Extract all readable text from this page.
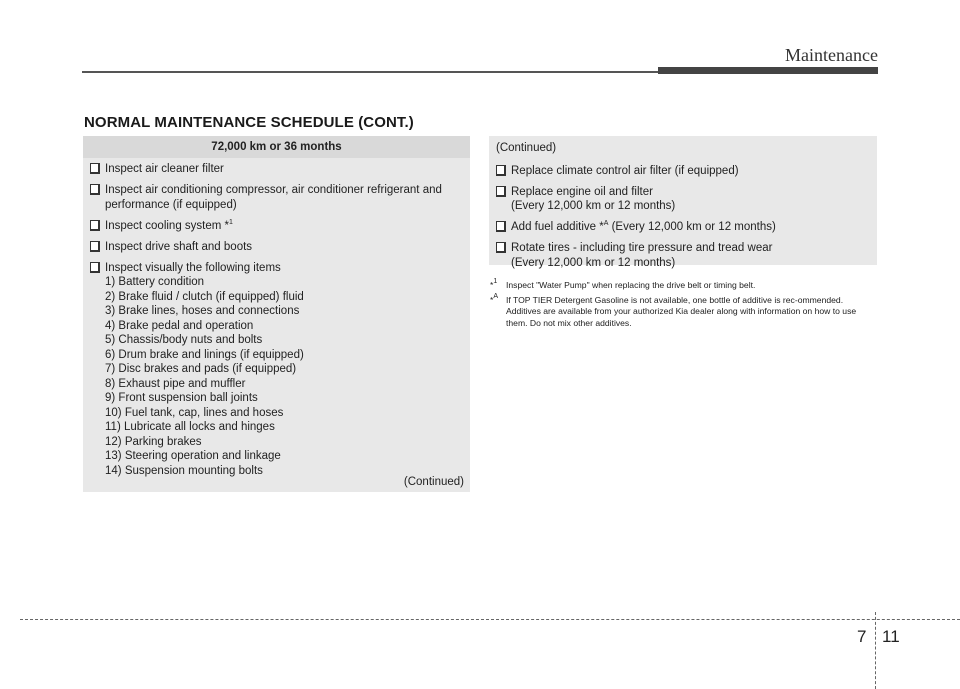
Maintenance
NORMAL MAINTENANCE SCHEDULE (CONT.)
72,000 km or 36 months
Inspect air cleaner filter
Inspect air conditioning compressor, air conditioner refrigerant and
performance (if equipped)
Inspect cooling system *$^1$
Inspect drive shaft and boots
Inspect visually the following items
1) Battery condition
2) Brake fluid / clutch (if equipped) fluid
3) Brake lines, hoses and connections
4) Brake pedal and operation
5) Chassis/body nuts and bolts
6) Drum brake and linings (if equipped)
7) Disc brakes and pads (if equipped)
8) Exhaust pipe and muffler
9) Front suspension ball joints
10) Fuel tank, cap, lines and hoses
11) Lubricate all locks and hinges
12) Parking brakes
13) Steering operation and linkage
14) Suspension mounting bolts
(Continued)
(Continued)
Replace climate control air filter (if equipped)
Replace engine oil and filter
(Every 12,000 km or 12 months)
Add fuel additive *$^A$ (Every 12,000 km or 12 months)
Rotate tires - including tire pressure and tread wear
(Every 12,000 km or 12 months)
*$^1$ Inspect "Water Pump" when replacing the drive belt or timing belt.
*$^A$ If TOP TIER Detergent Gasoline is not available, one bottle of additive is rec-ommended. Additives are available from your authorized Kia dealer along with information on how to use them. Do not mix other additives.
7 11
